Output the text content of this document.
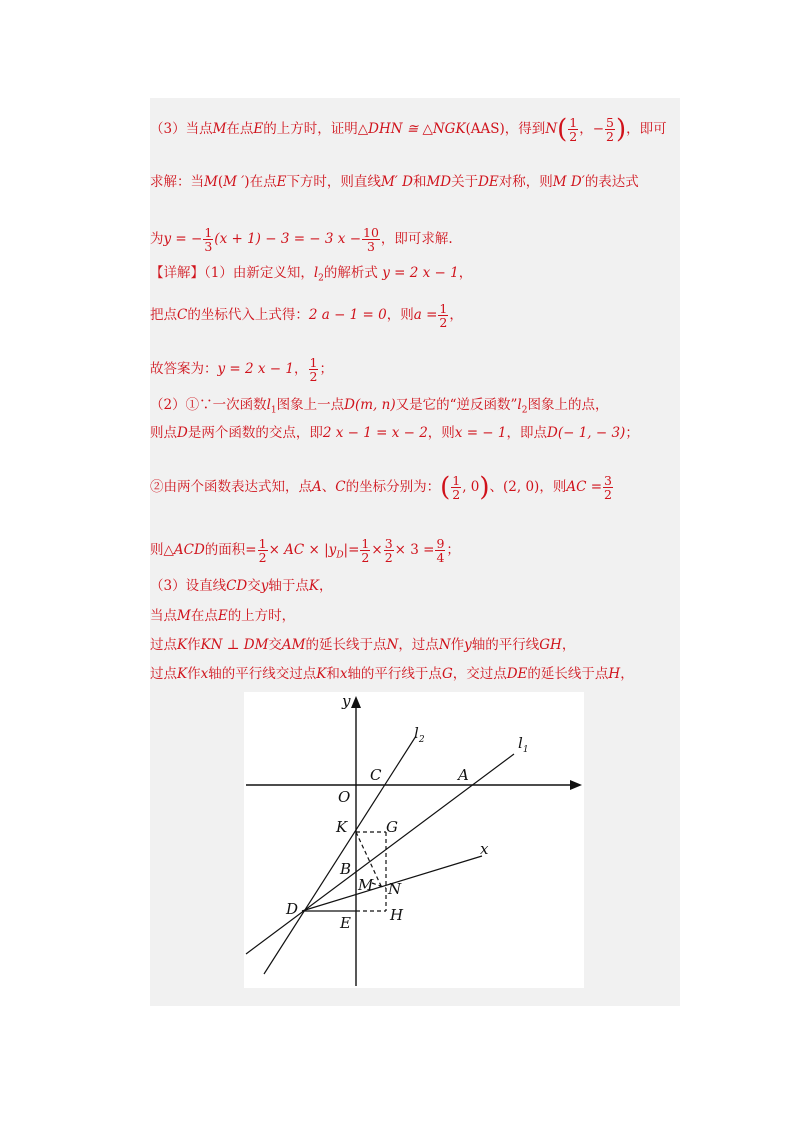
（3）当点M在点E的上方时，证明△DHN ≅ △NGK(AAS)，得到$N( \frac{1}{2}$ ，− $\frac{5}{2}$ )，即可
求解：当M(M ′)在点E下方时，则直线M′ D和MD关于DE对称，则M D′的表达式
为y = − $\frac{1}{3} (x + 1) - 3$ = − 3 $x - \frac{10}{3}$ ，即可求解.
【详解】（1）由新定义知，$l_2$的解析式 y = 2 x − 1，
把点C的坐标代入上式得：2 a − 1 = 0，则$a = \frac{1}{2}$ ，
故答案为：y = 2 x − 1， $\frac{1}{2}$ ；
（2）①∵一次函数$l_1$图象上一点D(m, n)又是它的“逆反函数$”l_2$图象上的点，
则点D是两个函数的交点，即2 x − 1 = x − 2，则x = − 1，即点D(− 1, − 3)；
②由两个函数表达式知，点A、C的坐标分别为：( $\frac{1}{2}$ , 0)、(2, 0)，则AC = $\frac{3}{2}$
则△ACD的面积= $\frac{1}{2}$ × AC × $|y_D|= \frac{1}{2} \times \frac{3}{2} \times 3 = \frac{9}{4}$ ；
（3）设直线CD交y轴于点K，
当点M在点E的上方时，
过点K作KN ⊥ DM交AM的延长线于点N，过点N作y轴的平行线GH，
过点K作x轴的平行线交过点K和x轴的平行线于点G，交过点DE的延长线于点H，
y
$l_2$	$l_1$
C	A
O
K	G
x
B
M N
D
E	H
